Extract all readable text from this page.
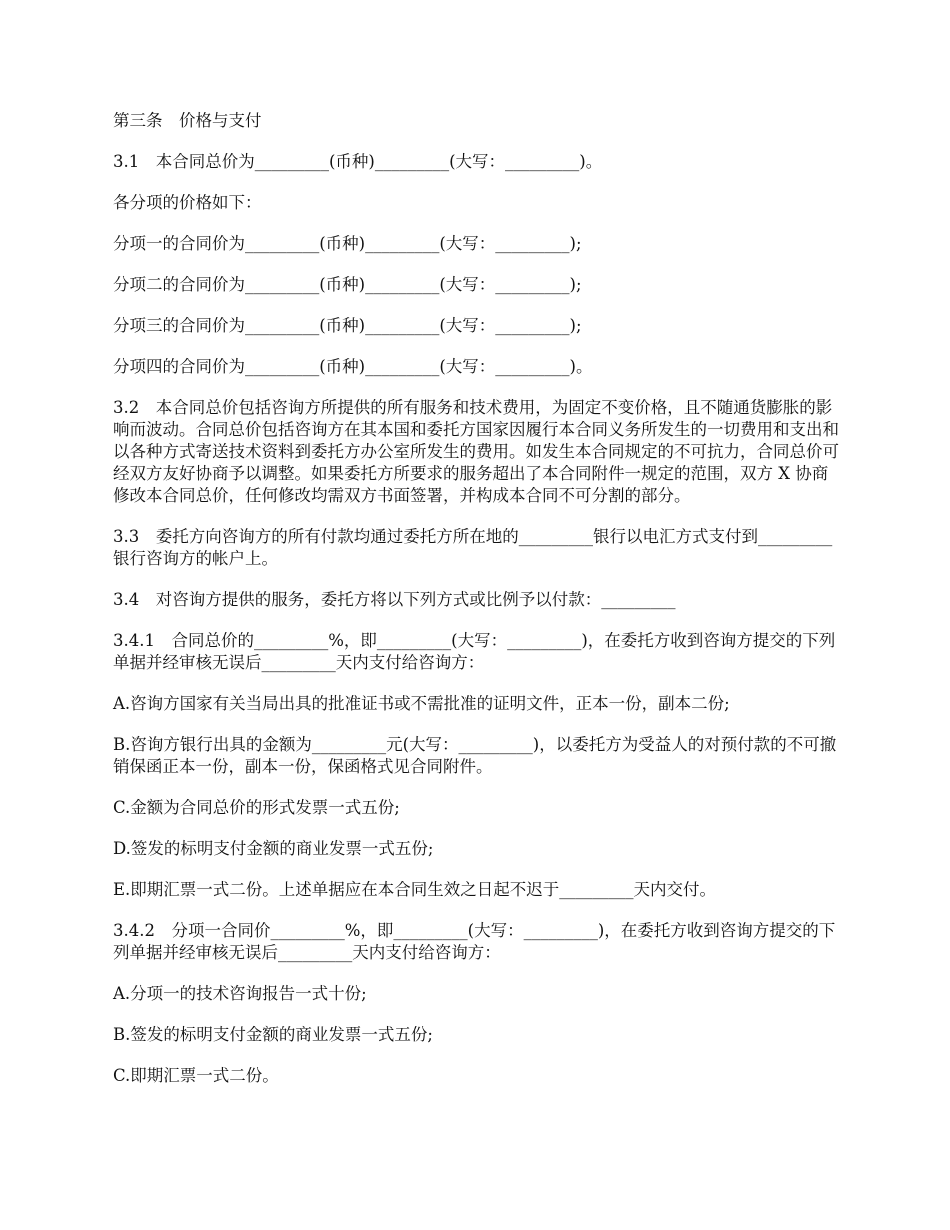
第三条　价格与支付

3.1　本合同总价为_________(币种)_________(大写：_________)。

各分项的价格如下：

分项一的合同价为_________(币种)_________(大写：_________);

分项二的合同价为_________(币种)_________(大写：_________);

分项三的合同价为_________(币种)_________(大写：_________);

分项四的合同价为_________(币种)_________(大写：_________)。

3.2　本合同总价包括咨询方所提供的所有服务和技术费用，为固定不变价格，且不随通货膨胀的影响而波动。合同总价包括咨询方在其本国和委托方国家因履行本合同义务所发生的一切费用和支出和以各种方式寄送技术资料到委托方办公室所发生的费用。如发生本合同规定的不可抗力，合同总价可经双方友好协商予以调整。如果委托方所要求的服务超出了本合同附件一规定的范围，双方 X 协商修改本合同总价，任何修改均需双方书面签署，并构成本合同不可分割的部分。

3.3　委托方向咨询方的所有付款均通过委托方所在地的_________银行以电汇方式支付到_________银行咨询方的帐户上。

3.4　对咨询方提供的服务，委托方将以下列方式或比例予以付款：_________

3.4.1　合同总价的_________%，即_________(大写：_________)，在委托方收到咨询方提交的下列单据并经审核无误后_________天内支付给咨询方：

A.咨询方国家有关当局出具的批准证书或不需批准的证明文件，正本一份，副本二份;

B.咨询方银行出具的金额为_________元(大写：_________)，以委托方为受益人的对预付款的不可撤销保函正本一份，副本一份，保函格式见合同附件。

C.金额为合同总价的形式发票一式五份;

D.签发的标明支付金额的商业发票一式五份;

E.即期汇票一式二份。上述单据应在本合同生效之日起不迟于_________天内交付。

3.4.2　分项一合同价_________%，即_________(大写：_________)，在委托方收到咨询方提交的下列单据并经审核无误后_________天内支付给咨询方：

A.分项一的技术咨询报告一式十份;

B.签发的标明支付金额的商业发票一式五份;

C.即期汇票一式二份。
